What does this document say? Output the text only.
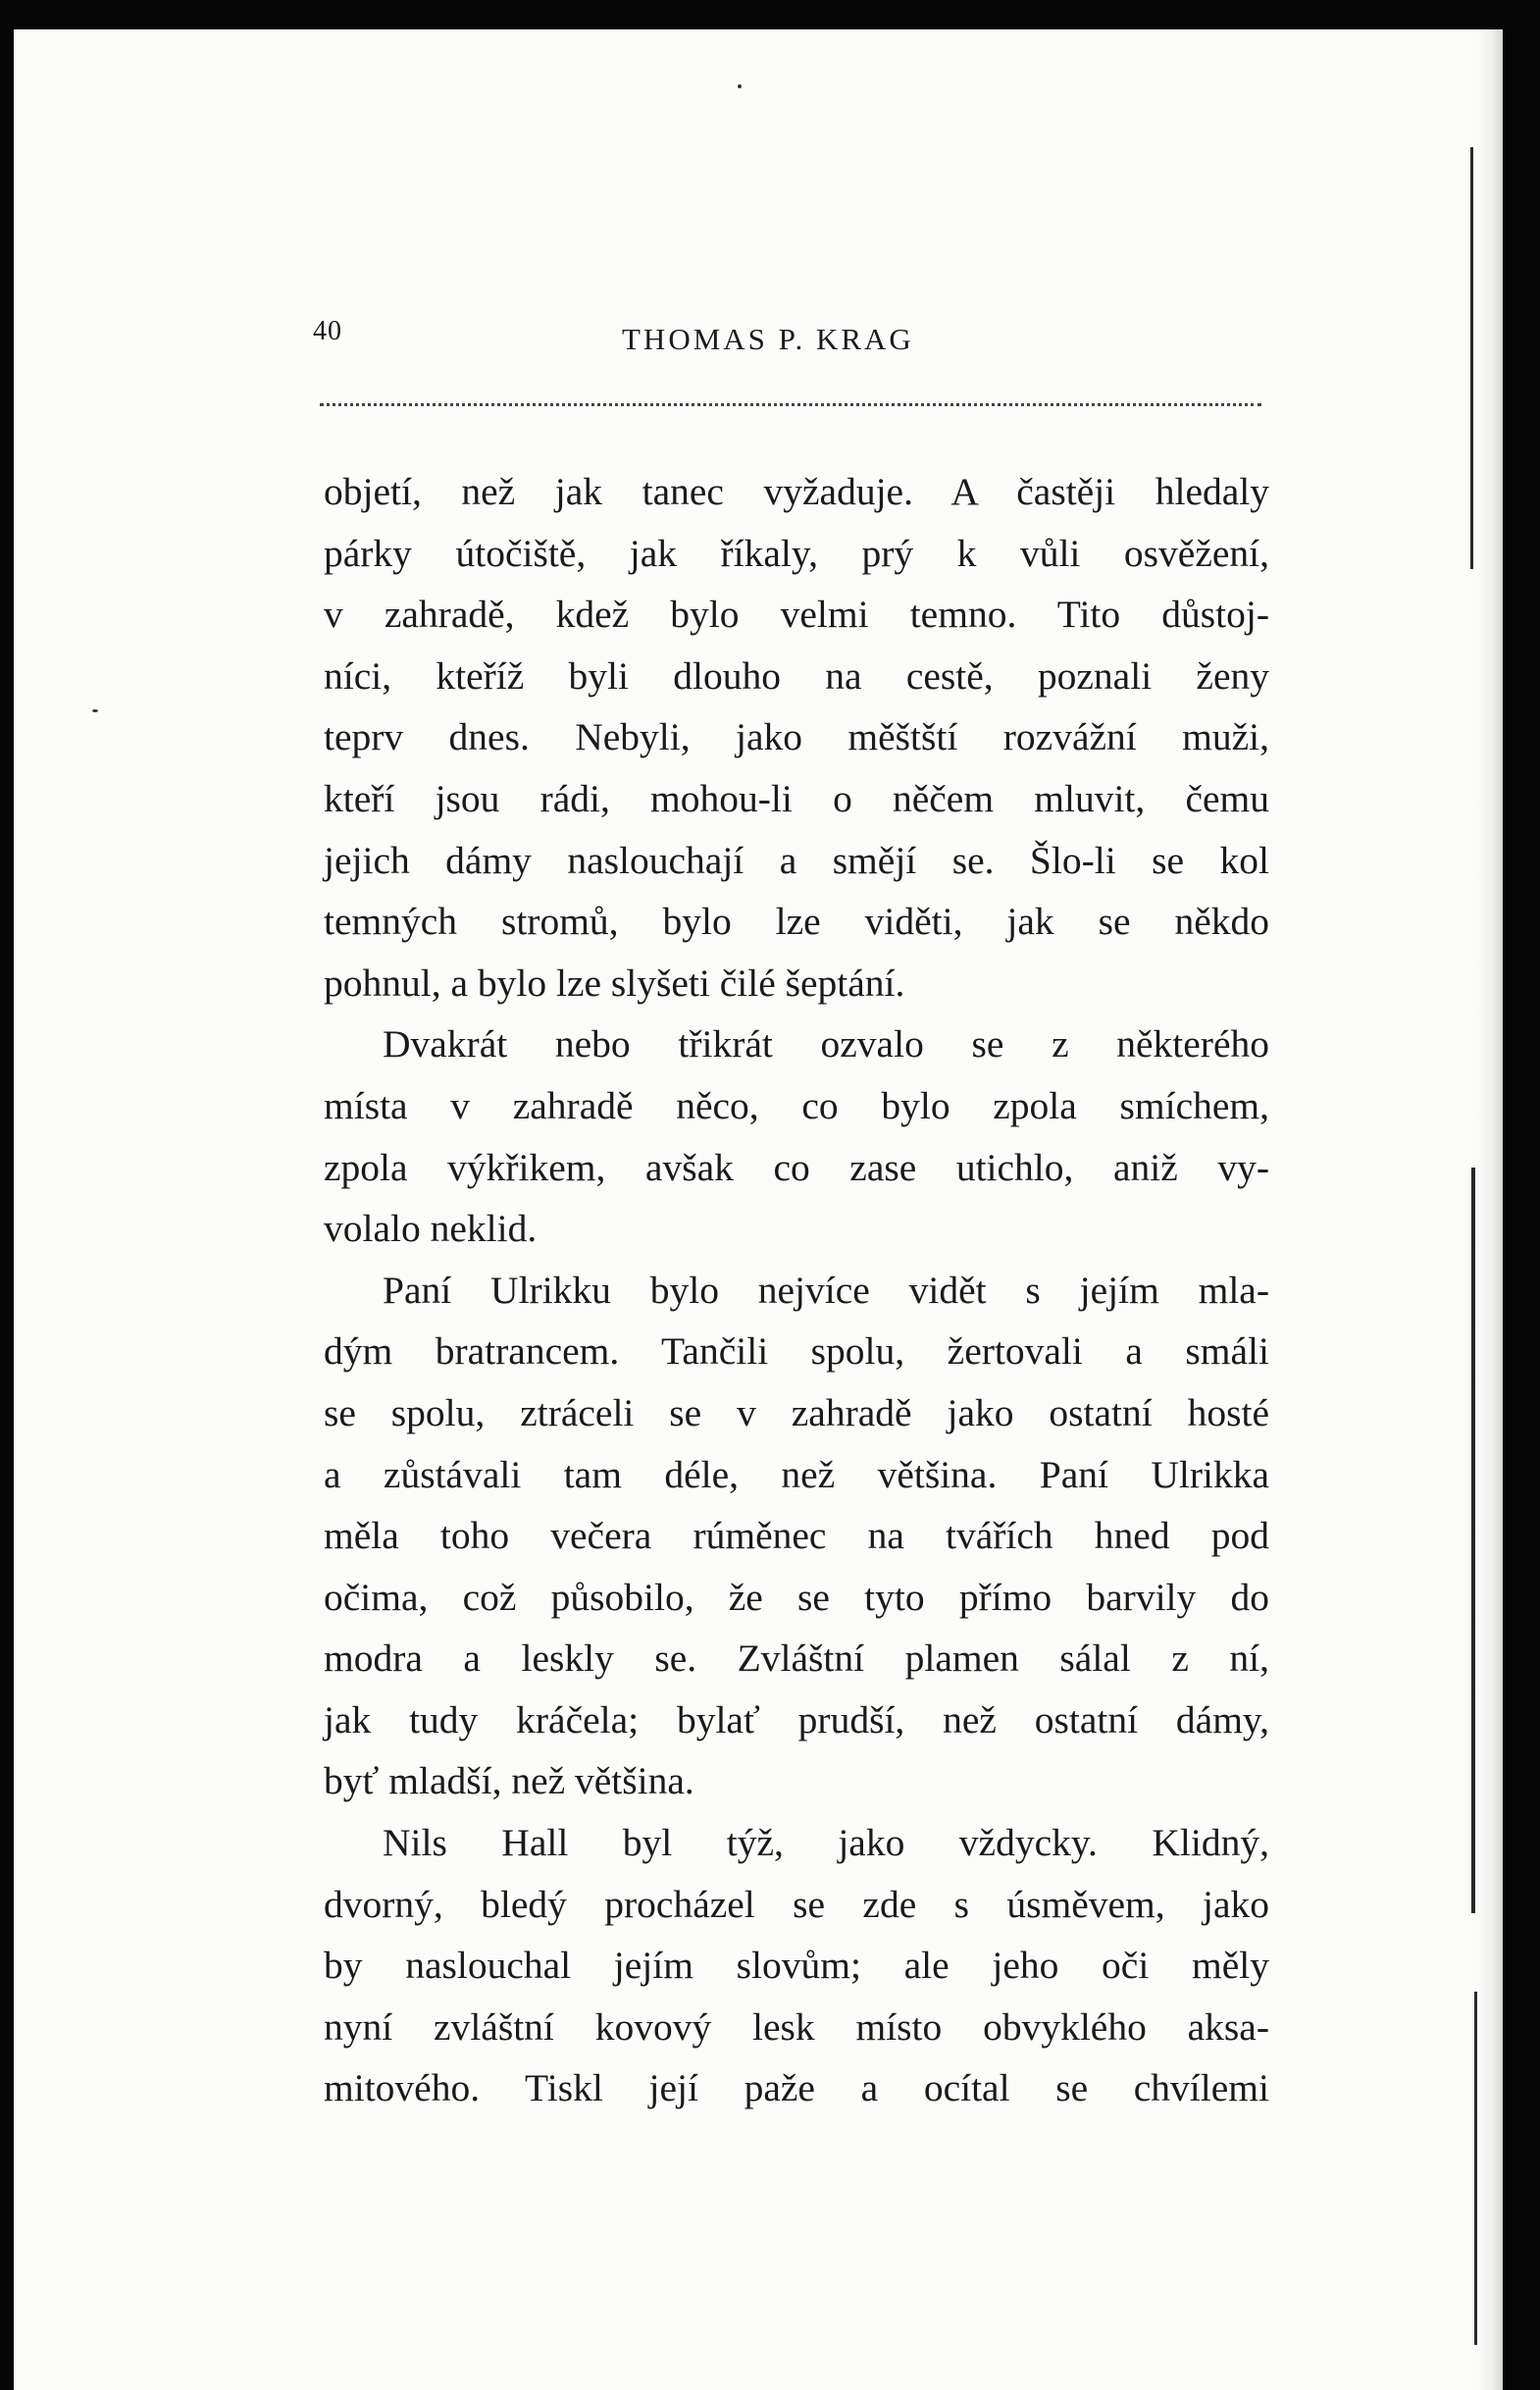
40	THOMAS P. KRAG
objetí, než jak tanec vyžaduje. A častěji hledaly
párky útočiště, jak říkaly, prý k vůli osvěžení,
v zahradě, kdež bylo velmi temno. Tito důstoj-
níci, kteříž byli dlouho na cestě, poznali ženy
teprv dnes. Nebyli, jako měštští rozvážní muži,
kteří jsou rádi, mohou-li o něčem mluvit, čemu
jejich dámy naslouchají a smějí se. Šlo-li se kol
temných stromů, bylo lze viděti, jak se někdo
pohnul, a bylo lze slyšeti čilé šeptání.
Dvakrát nebo třikrát ozvalo se z některého
místa v zahradě něco, co bylo zpola smíchem,
zpola výkřikem, avšak co zase utichlo, aniž vy-
volalo neklid.
Paní Ulrikku bylo nejvíce vidět s jejím mla-
dým bratrancem. Tančili spolu, žertovali a smáli
se spolu, ztráceli se v zahradě jako ostatní hosté
a zůstávali tam déle, než většina. Paní Ulrikka
měla toho večera rúměnec na tvářích hned pod
očima, což působilo, že se tyto přímo barvily do
modra a leskly se. Zvláštní plamen sálal z ní,
jak tudy kráčela; bylať prudší, než ostatní dámy,
byť mladší, než většina.
Nils Hall byl týž, jako vždycky. Klidný,
dvorný, bledý procházel se zde s úsměvem, jako
by naslouchal jejím slovům; ale jeho oči měly
nyní zvláštní kovový lesk místo obvyklého aksa-
mitového. Tiskl její paže a ocítal se chvílemi
